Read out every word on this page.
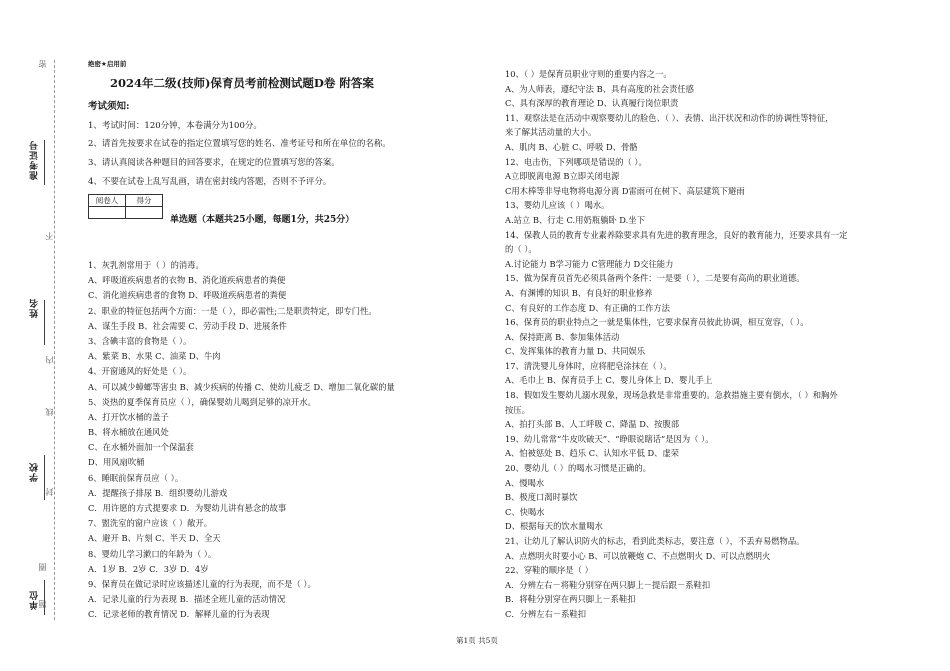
准考证号
姓名
学校
单位
密
不
内
线
封
圈
题
绝密★启用前
2024年二级(技师)保育员考前检测试题D卷 附答案
考试须知:
1、考试时间：120分钟，本卷满分为100分。
2、请首先按要求在试卷的指定位置填写您的姓名、准考证号和所在单位的名称。
3、请认真阅读各种题目的回答要求，在规定的位置填写您的答案。
4、不要在试卷上乱写乱画，请在密封线内答题，否则不予评分。
阅卷人	得分

单选题（本题共25小题，每题1分，共25分）
1、灰乳剂常用于（ ）的消毒。
A、呼吸道疾病患者的衣物 B、消化道疾病患者的粪便
C、消化道疾病患者的食物 D、呼吸道疾病患者的粪便
2、职业的特征包括两个方面：一是（ ），即必需性;二是职责特定，即专门性。
A、谋生手段 B、社会需要 C、劳动手段 D、进展条件
3、含碘丰富的食物是（ ）。
A、紫菜 B、水果 C、油菜 D、牛肉
4、开窗通风的好处是（ ）。
A、可以减少蟑螂等害虫 B、减少疾病的传播 C、使幼儿疲乏 D、增加二氧化碳的量
5、炎热的夏季保育员应（ ），确保婴幼儿喝到足够的凉开水。
A、打开饮水桶的盖子
B、将水桶放在通风处
C、在水桶外面加一个保温套
D、用风扇吹桶
6、睡眠前保育员应（ ）。
A．提醒孩子排尿 B．组织婴幼儿游戏
C．用许愿的方式提要求 D．为婴幼儿讲有悬念的故事
7、盥洗室的窗户应该（ ）敞开。
A、避开 B、片刻 C、半天 D、全天
8、婴幼儿学习漱口的年龄为（ ）。
A．1岁 B．2岁 C．3岁 D．4岁
9、保育员在做记录时应该描述儿童的行为表现，而不是（ ）。
A．记录儿童的行为表现 B．描述全班儿童的活动情况
C．记录老师的教育情况 D．解释儿童的行为表现
10、（ ）是保育员职业守则的重要内容之一。
A、为人师表，遵纪守法 B、具有高度的社会责任感
C、具有深厚的教育理论 D、认真履行岗位职责
11、观察法是在活动中观察婴幼儿的脸色、（ ）、表情、出汗状况和动作的协调性等特征，
来了解其活动量的大小。
A、肌肉 B、心脏 C、呼吸 D、骨骼
12、电击伤，下列哪项是错误的（ ）。
A立即脱离电源 B立即关闭电源
C用木棒等非导电物将电源分离 D雷雨可在树下、高层建筑下避雨
13、婴幼儿应该（ ）喝水。
A.站立 B、行走 C.用奶瓶躺卧 D.坐下
14、保教人员的教育专业素养除要求具有先进的教育理念，良好的教育能力，还要求具有一定
的（ ）。
A.讨论能力 B学习能力 C管理能力 D交往能力
15、做为保育员首先必须具备两个条件：一是要（ ），二是要有高尚的职业道德。
A、有渊博的知识 B、有良好的职业修养
C、有良好的工作态度 D、有正确的工作方法
16、保育员的职业特点之一就是集体性，它要求保育员彼此协调，相互宽容，（ ）。
A、保持距离 B、参加集体活动
C、发挥集体的教育力量 D、共同娱乐
17、清洗婴儿身体时，应将肥皂涂抹在（ ）。
A、毛巾上 B、保育员手上 C、婴儿身体上 D、婴儿手上
18、假如发生婴幼儿溺水现象，现场急救是非常重要的。急救措施主要有倒水，（ ）和胸外
按压。
A、拍打头部 B、人工呼吸 C、降温 D、按腹部
19、幼儿常常“牛皮吹破天”、“睁眼说瞎话”是因为（ ）。
A、怕被惩处 B、趋乐 C、认知水平低 D、虚荣
20、婴幼儿（ ）的喝水习惯是正确的。
A、慢喝水
B、极度口渴时暴饮
C、快喝水
D、根据每天的饮水量喝水
21、让幼儿了解认识防火的标志，看到此类标志，要注意（ ），不丢弃易燃物品。
A、点燃明火时要小心 B、可以放鞭炮 C、不点燃明火 D、可以点燃明火
22、穿鞋的顺序是（ ）
A．分辨左右－将鞋分别穿在两只脚上－提后跟－系鞋扣
B．将鞋分别穿在两只脚上－系鞋扣
C．分辨左右－系鞋扣
第1页 共5页
